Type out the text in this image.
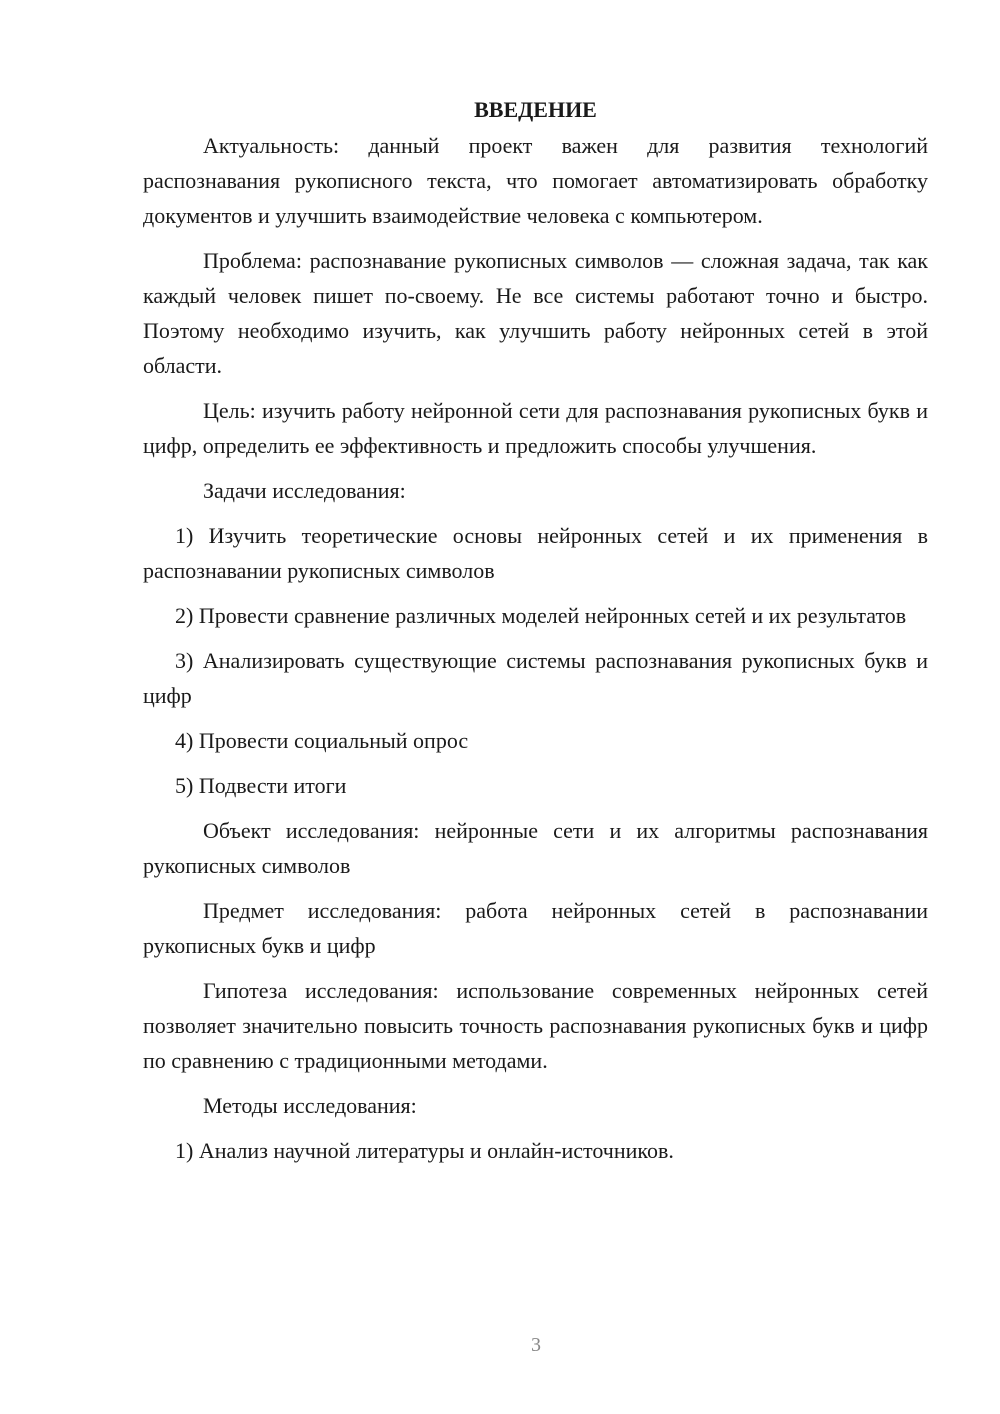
ВВЕДЕНИЕ

Актуальность: данный проект важен для развития технологий распознавания рукописного текста, что помогает автоматизировать обработку документов и улучшить взаимодействие человека с компьютером.

Проблема: распознавание рукописных символов — сложная задача, так как каждый человек пишет по-своему. Не все системы работают точно и быстро. Поэтому необходимо изучить, как улучшить работу нейронных сетей в этой области.

Цель: изучить работу нейронной сети для распознавания рукописных букв и цифр, определить ее эффективность и предложить способы улучшения.

Задачи исследования:

1) Изучить теоретические основы нейронных сетей и их применения в распознавании рукописных символов

2) Провести сравнение различных моделей нейронных сетей и их результатов

3) Анализировать существующие системы распознавания рукописных букв и цифр

4) Провести социальный опрос

5) Подвести итоги

Объект исследования: нейронные сети и их алгоритмы распознавания рукописных символов

Предмет исследования: работа нейронных сетей в распознавании рукописных букв и цифр

Гипотеза исследования: использование современных нейронных сетей позволяет значительно повысить точность распознавания рукописных букв и цифр по сравнению с традиционными методами.

Методы исследования:

1) Анализ научной литературы и онлайн-источников.

3
